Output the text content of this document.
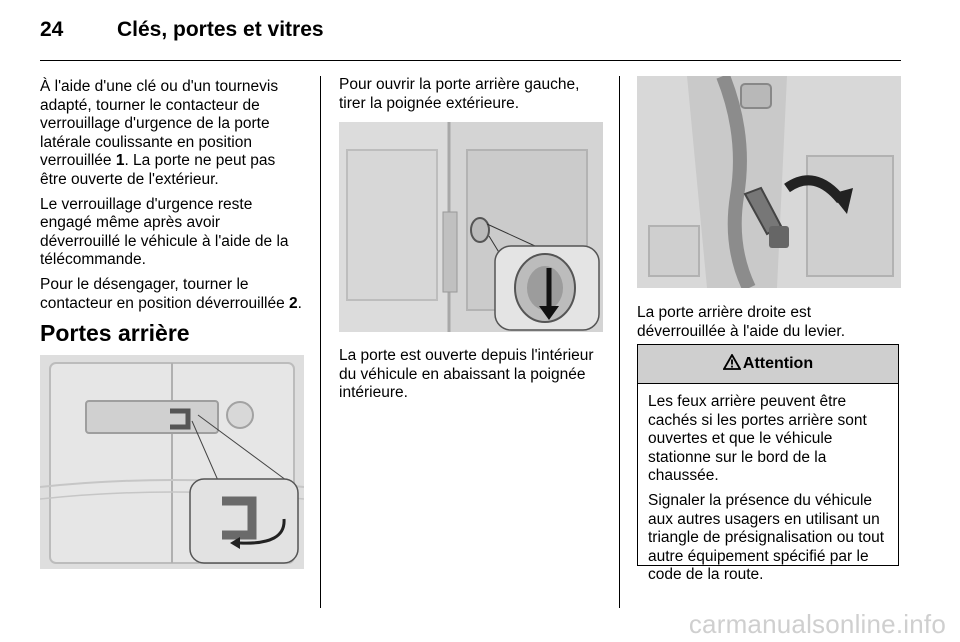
24	Clés, portes et vitres

À l'aide d'une clé ou d'un tournevis adapté, tourner le contacteur de verrouillage d'urgence de la porte latérale coulissante en position verrouillée 1. La porte ne peut pas être ouverte de l'extérieur.

Le verrouillage d'urgence reste engagé même après avoir déverrouillé le véhicule à l'aide de la télécommande.

Pour le désengager, tourner le contacteur en position déverrouillée 2.

Portes arrière

Pour ouvrir la porte arrière gauche, tirer la poignée extérieure.

La porte est ouverte depuis l'intérieur du véhicule en abaissant la poignée intérieure.

La porte arrière droite est déverrouillée à l'aide du levier.

Attention

Les feux arrière peuvent être cachés si les portes arrière sont ouvertes et que le véhicule stationne sur le bord de la chaussée.

Signaler la présence du véhicule aux autres usagers en utilisant un triangle de présignalisation ou tout autre équipement spécifié par le code de la route.

carmanualsonline.info
